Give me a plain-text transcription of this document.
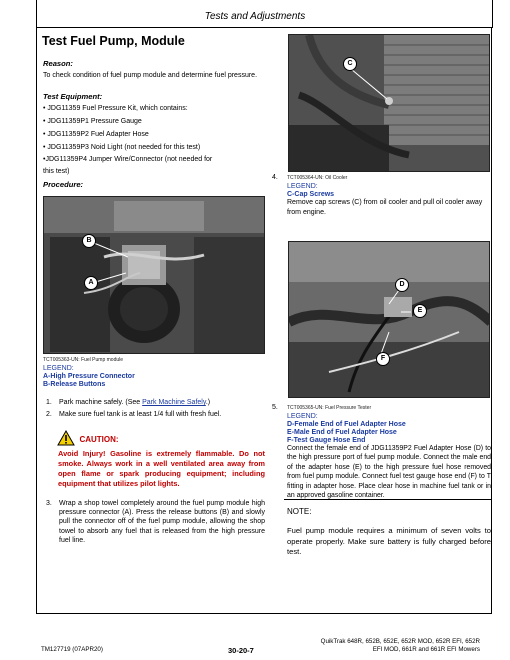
Tests and Adjustments
Test Fuel Pump, Module
Reason:
To check condition of fuel pump module and determine fuel pressure.
Test Equipment:
• JDG11359 Fuel Pressure Kit, which contains:
• JDG11359P1 Pressure Gauge
• JDG11359P2 Fuel Adapter Hose
• JDG11359P3 Noid Light (not needed for this test)
•JDG11359P4 Jumper Wire/Connector (not needed for
this test)
Procedure:
B
A
TCT005363-UN: Fuel Pump module
LEGEND:
A-High Pressure Connector
B-Release Buttons
1. Park machine safely. (See Park Machine Safely.)
2. Make sure fuel tank is at least 1/4 full with fresh fuel.
CAUTION:
Avoid Injury! Gasoline is extremely flammable. Do not smoke. Always work in a well ventilated area away from open flame or spark producing equipment; including equipment that utilizes pilot lights.
3. Wrap a shop towel completely around the fuel pump module high pressure connector (A). Press the release buttons (B) and slowly pull the connector off of the fuel pump module, allowing the shop towel to absorb any fuel that is released from the high pressure fuel line.
C
4. TCT005364-UN: Oil Cooler
LEGEND:
C-Cap Screws
Remove cap screws (C) from oil cooler and pull oil cooler away from engine.
D
E
F
5. TCT005365-UN: Fuel Pressure Tester
LEGEND:
D-Female End of Fuel Adapter Hose
E-Male End of Fuel Adapter Hose
F-Test Gauge Hose End
Connect the female end of JDG11359P2 Fuel Adapter Hose (D) to the high pressure port of fuel pump module. Connect the male end of the adapter hose (E) to the high pressure fuel hose removed from fuel pump module. Connect fuel test gauge hose end (F) to T fitting in adapter hose. Place clear hose in machine fuel tank or in an approved gasoline container.
NOTE:
Fuel pump module requires a minimum of seven volts to operate properly. Make sure battery is fully charged before test.
TM127719 (07APR20)	30-20-7
QuikTrak 648R, 652B, 652E, 652R MOD, 652R EFI, 652R
EFI MOD, 661R and 661R EFI Mowers
